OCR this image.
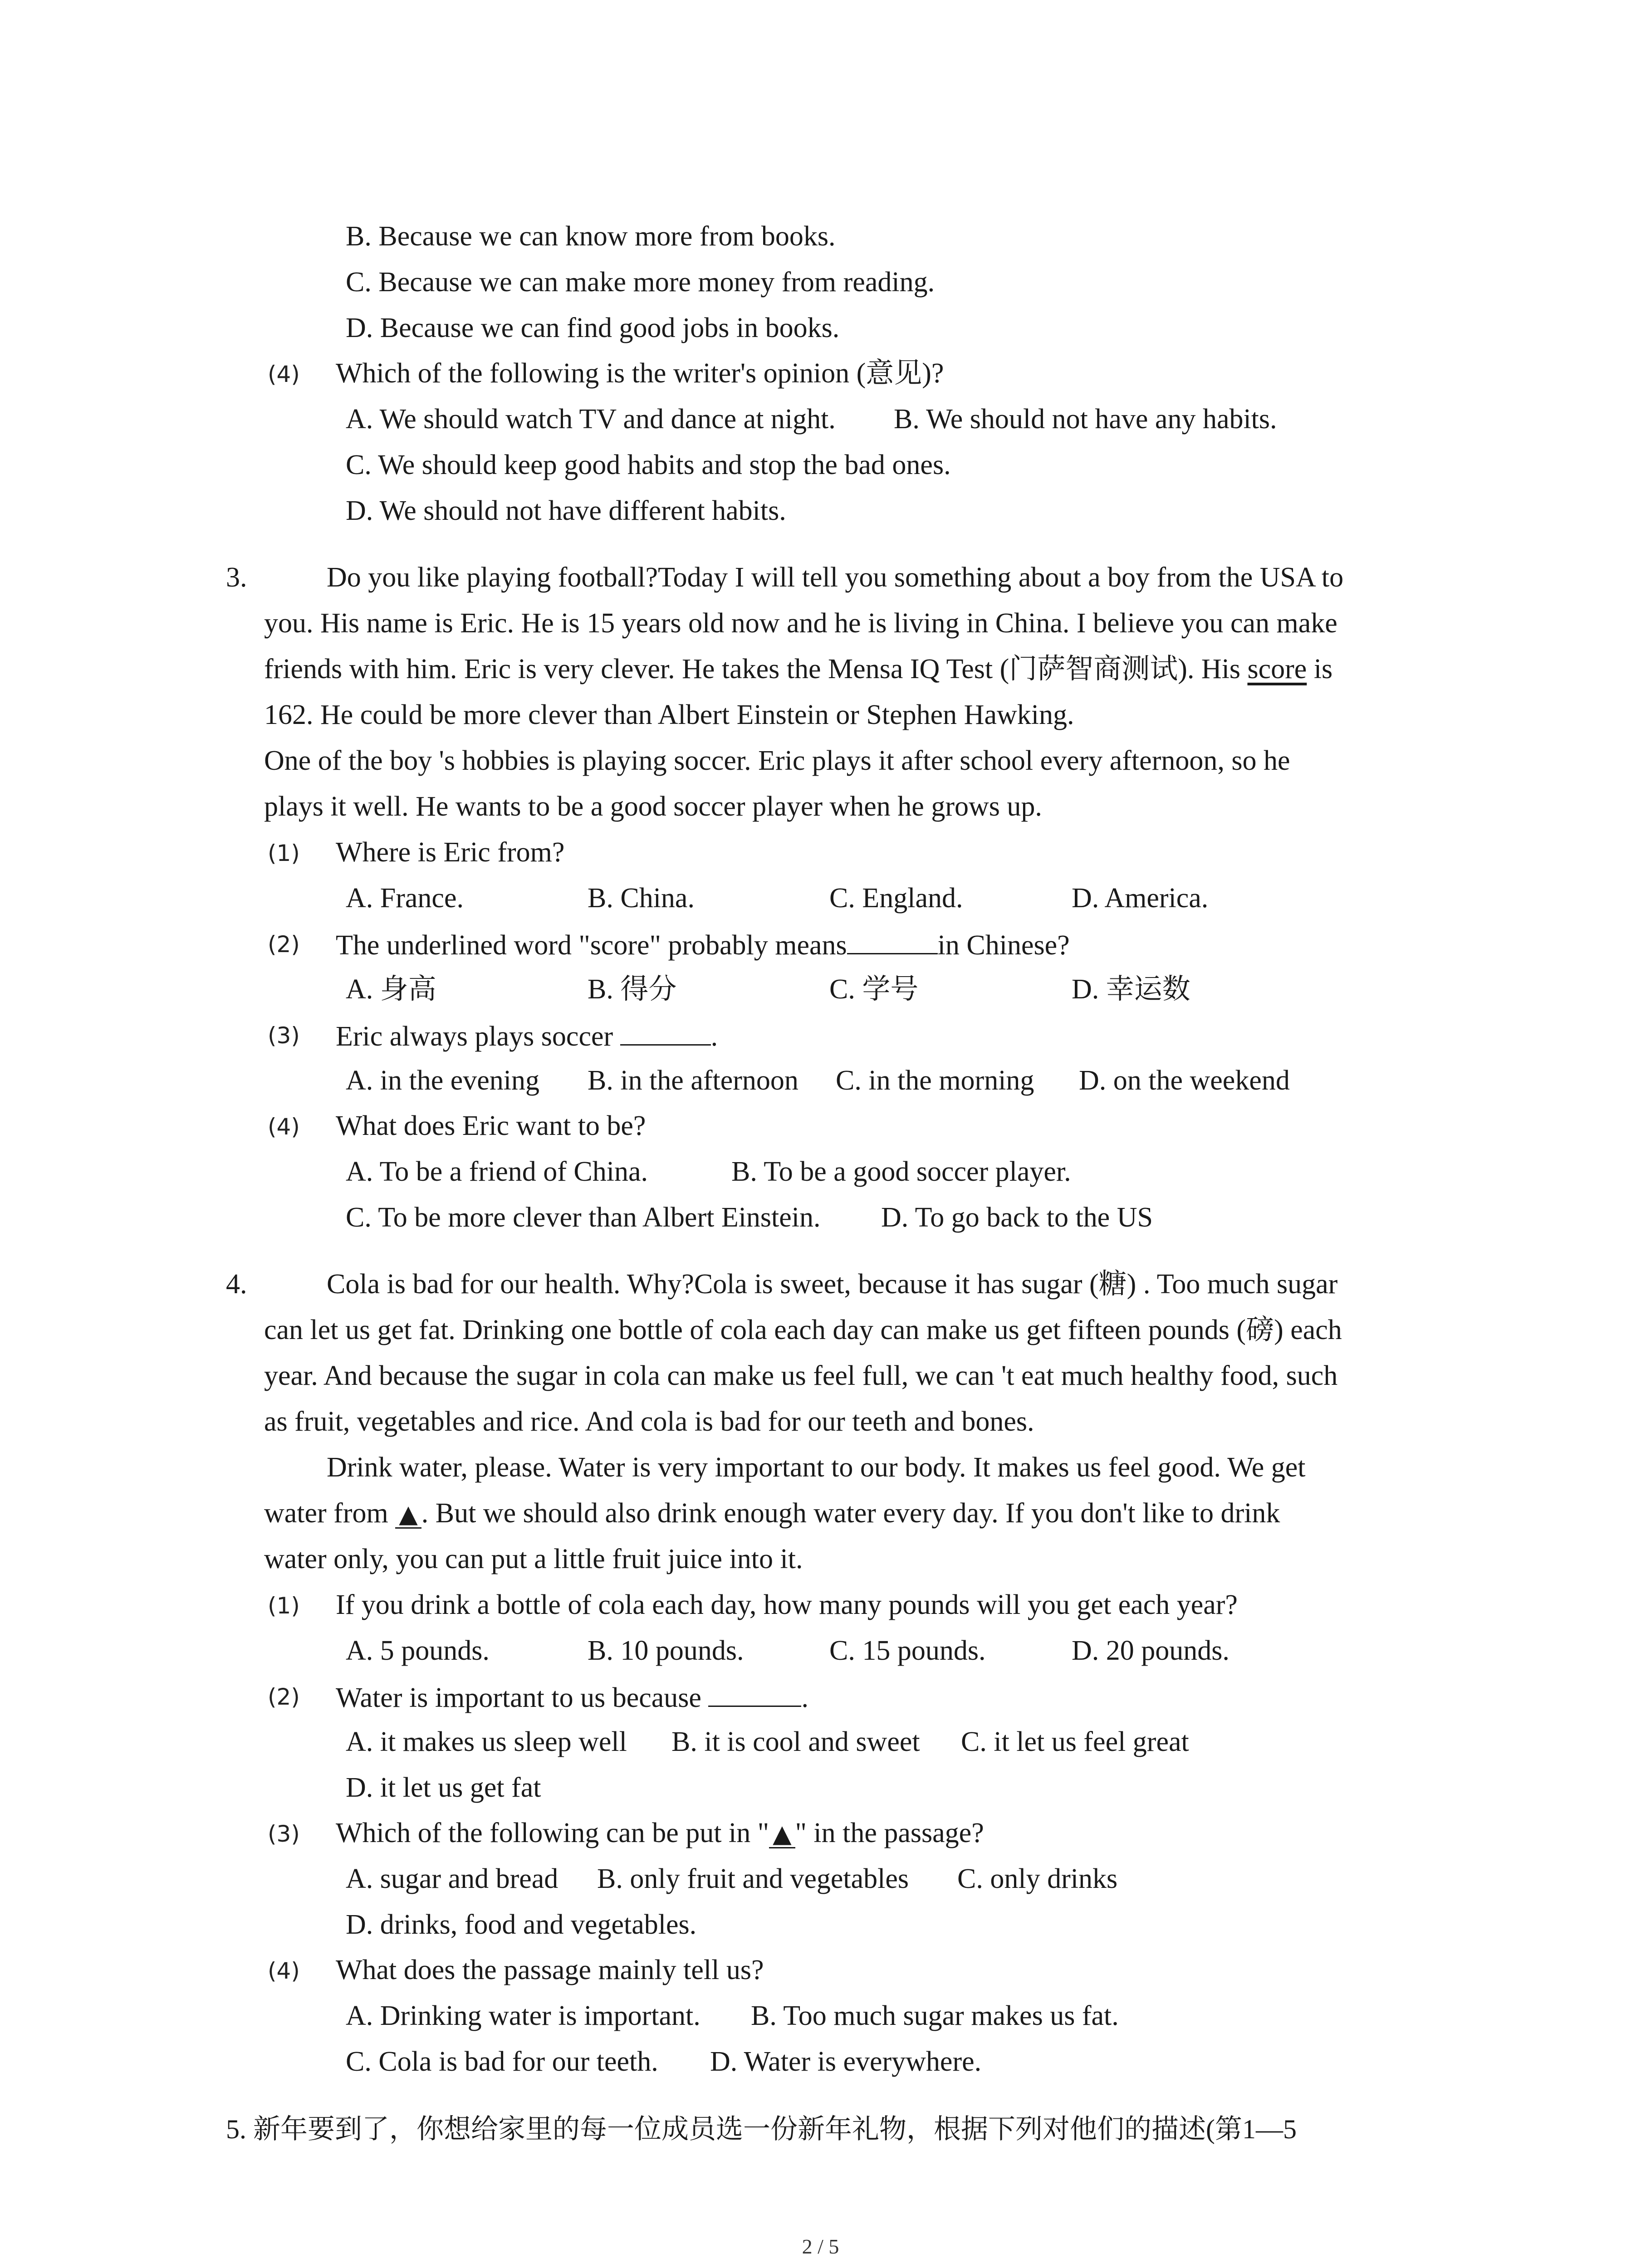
B. Because we can know more from books.
C. Because we can make more money from reading.
D. Because we can find good jobs in books.
(4) Which of the following is the writer's opinion (意见)?
A. We should watch TV and dance at night. B. We should not have any habits.
C. We should keep good habits and stop the bad ones.
D. We should not have different habits.
3.	Do you like playing football?Today I will tell you something about a boy from the USA to
you. His name is Eric. He is 15 years old now and he is living in China. I believe you can make
friends with him. Eric is very clever. He takes the Mensa IQ Test (门萨智商测试). His score is
162. He could be more clever than Albert Einstein or Stephen Hawking.
One of the boy 's hobbies is playing soccer. Eric plays it after school every afternoon, so he
plays it well. He wants to be a good soccer player when he grows up.
(1) Where is Eric from?
A. France.	B. China.	C. England.	D. America.
(2) The underlined word "score" probably means	in Chinese?
A. 身高	B. 得分	C. 学号	D. 幸运数
(3) Eric always plays soccer	.
A. in the evening B. in the afternoon C. in the morning D. on the weekend
(4) What does Eric want to be?
A. To be a friend of China.	B. To be a good soccer player.
C. To be more clever than Albert Einstein. D. To go back to the US
4.	Cola is bad for our health. Why?Cola is sweet, because it has sugar (糖) . Too much sugar
can let us get fat. Drinking one bottle of cola each day can make us get fifteen pounds (磅) each
year. And because the sugar in cola can make us feel full, we can 't eat much healthy food, such
as fruit, vegetables and rice. And cola is bad for our teeth and bones.
Drink water, please. Water is very important to our body. It makes us feel good. We get
water from ▲ . But we should also drink enough water every day. If you don't like to drink
water only, you can put a little fruit juice into it.
(1) If you drink a bottle of cola each day, how many pounds will you get each year?
A. 5 pounds.	B. 10 pounds.	C. 15 pounds.	D. 20 pounds.
(2) Water is important to us because	.
A. it makes us sleep well B. it is cool and sweet C. it let us feel great
D. it let us get fat
(3) Which of the following can be put in " ▲ " in the passage?
A. sugar and bread B. only fruit and vegetables C. only drinks
D. drinks, food and vegetables.
(4) What does the passage mainly tell us?
A. Drinking water is important. B. Too much sugar makes us fat.
C. Cola is bad for our teeth. D. Water is everywhere.
5. 新年要到了，你想给家里的每一位成员选一份新年礼物，根据下列对他们的描述(第1—5
2 / 5
